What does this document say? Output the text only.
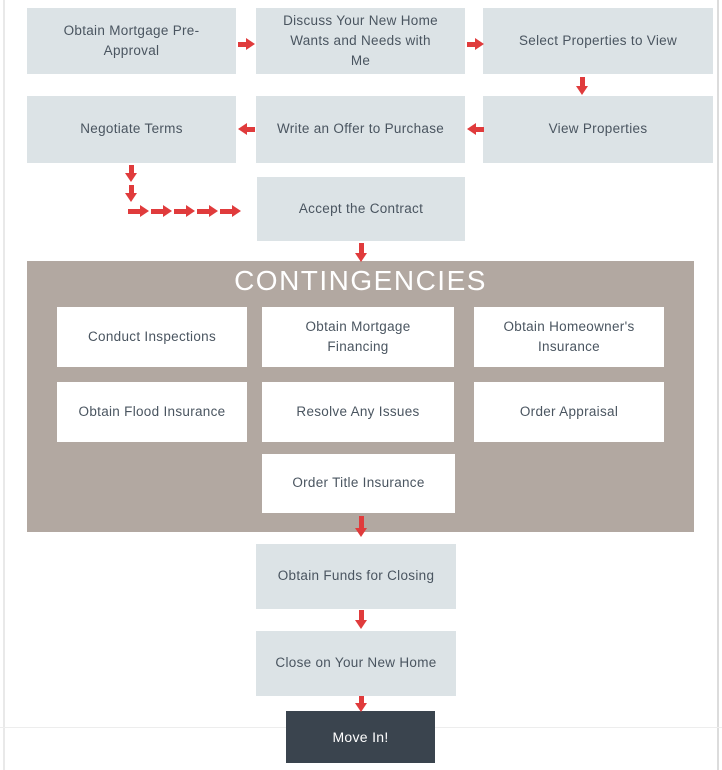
Obtain Mortgage Pre-Approval
Discuss Your New Home Wants and Needs with Me
Select Properties to View
Negotiate Terms	Write an Offer to Purchase	View Properties
Accept the Contract
CONTINGENCIES
Conduct Inspections
Obtain Mortgage Financing
Obtain Homeowner's Insurance
Obtain Flood Insurance	Resolve Any Issues	Order Appraisal
Order Title Insurance
Obtain Funds for Closing
Close on Your New Home
Move In!
